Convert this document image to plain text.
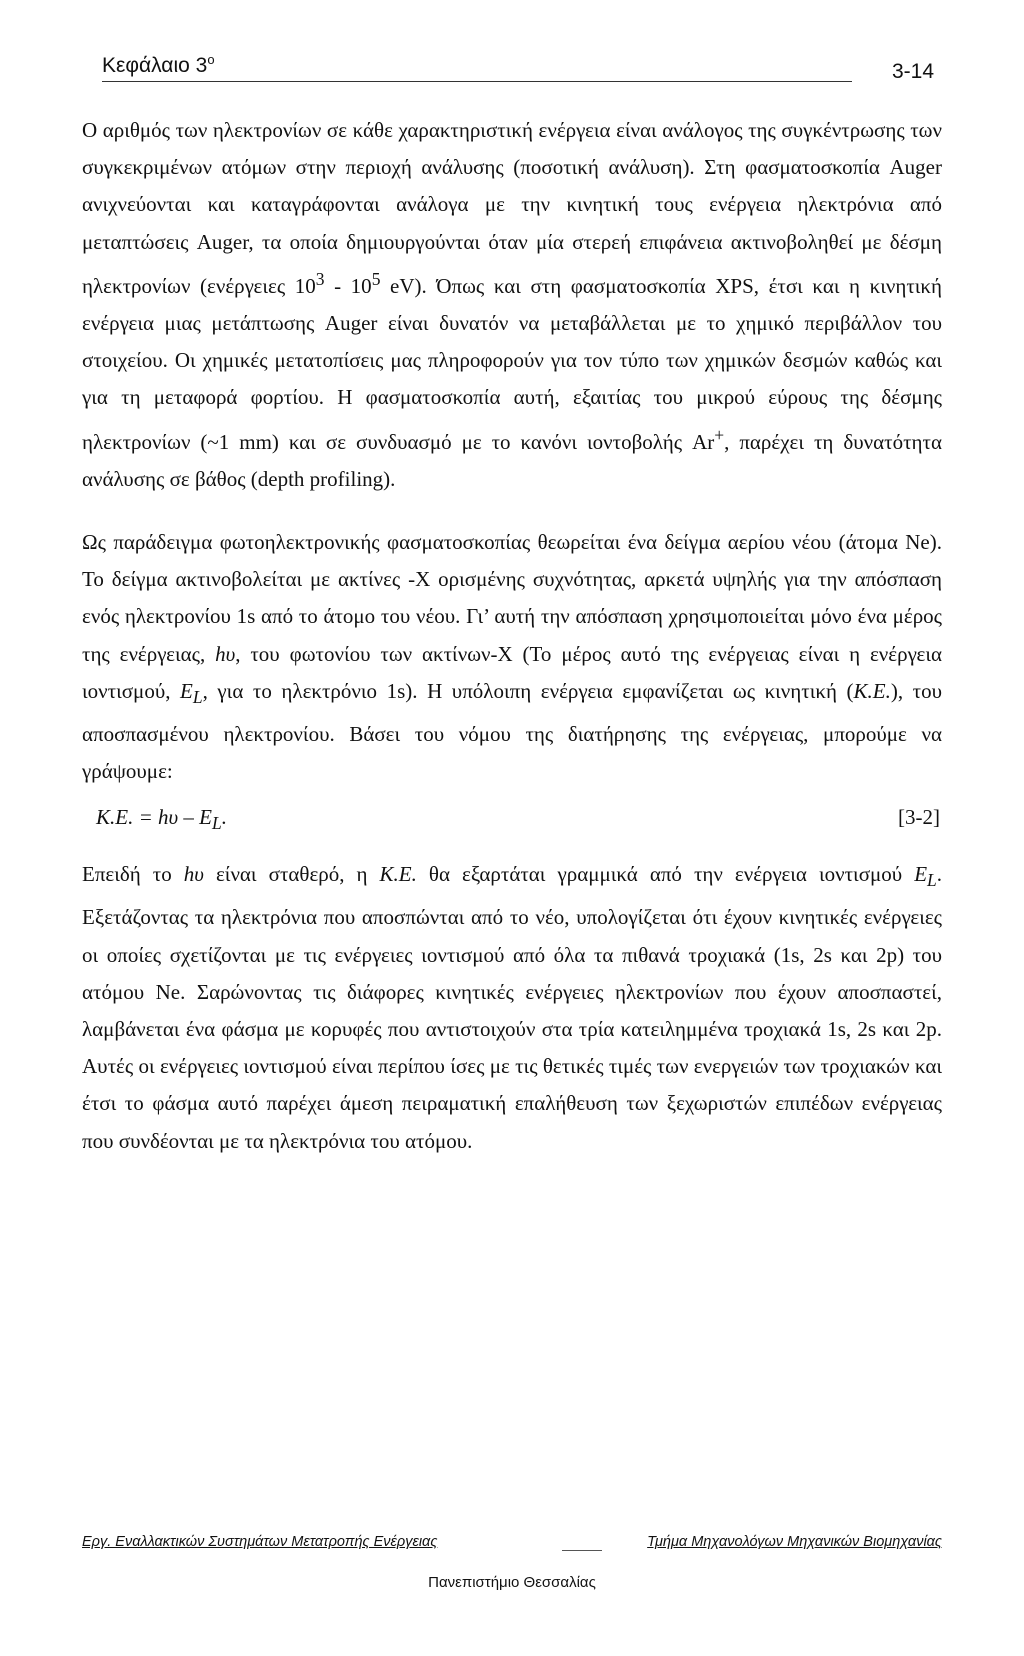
Κεφάλαιο $3^o$
3-14

Ο αριθμός των ηλεκτρονίων σε κάθε χαρακτηριστική ενέργεια είναι ανάλογος της συγκέντρωσης των συγκεκριμένων ατόμων στην περιοχή ανάλυσης (ποσοτική ανάλυση). Στη φασματοσκοπία Auger ανιχνεύονται και καταγράφονται ανάλογα με την κινητική τους ενέργεια ηλεκτρόνια από μεταπτώσεις Auger, τα οποία δημιουργούνται όταν μία στερεή επιφάνεια ακτινοβοληθεί με δέσμη ηλεκτρονίων (ενέργειες $10^3 - 10^5$ eV). Όπως και στη φασματοσκοπία XPS, έτσι και η κινητική ενέργεια μιας μετάπτωσης Auger είναι δυνατόν να μεταβάλλεται με το χημικό περιβάλλον του στοιχείου. Οι χημικές μετατοπίσεις μας πληροφορούν για τον τύπο των χημικών δεσμών καθώς και για τη μεταφορά φορτίου. Η φασματοσκοπία αυτή, εξαιτίας του μικρού εύρους της δέσμης ηλεκτρονίων (~1 mm) και σε συνδυασμό με το κανόνι ιοντοβολής Ar+, παρέχει τη δυνατότητα ανάλυσης σε βάθος (depth profiling).

Ως παράδειγμα φωτοηλεκτρονικής φασματοσκοπίας θεωρείται ένα δείγμα αερίου νέου (άτομα Ne). Το δείγμα ακτινοβολείται με ακτίνες -Χ ορισμένης συχνότητας, αρκετά υψηλής για την απόσπαση ενός ηλεκτρονίου 1s από το άτομο του νέου. Γι’ αυτή την απόσπαση χρησιμοποιείται μόνο ένα μέρος της ενέργειας, hυ, του φωτονίου των ακτίνων-Χ (Το μέρος αυτό της ενέργειας είναι η ενέργεια ιοντισμού, $E_L$, για το ηλεκτρόνιο 1s). Η υπόλοιπη ενέργεια εμφανίζεται ως κινητική (K.E.), του αποσπασμένου ηλεκτρονίου. Βάσει του νόμου της διατήρησης της ενέργειας, μπορούμε να γράψουμε:

K.E. = hυ – $E_L$.	[3-2]

Επειδή το hυ είναι σταθερό, η K.E. θα εξαρτάται γραμμικά από την ενέργεια ιοντισμού $E_L$. Εξετάζοντας τα ηλεκτρόνια που αποσπώνται από το νέο, υπολογίζεται ότι έχουν κινητικές ενέργειες οι οποίες σχετίζονται με τις ενέργειες ιοντισμού από όλα τα πιθανά τροχιακά (1s, 2s και 2p) του ατόμου Ne. Σαρώνοντας τις διάφορες κινητικές ενέργειες ηλεκτρονίων που έχουν αποσπαστεί, λαμβάνεται ένα φάσμα με κορυφές που αντιστοιχούν στα τρία κατειλημμένα τροχιακά 1s, 2s και 2p. Αυτές οι ενέργειες ιοντισμού είναι περίπου ίσες με τις θετικές τιμές των ενεργειών των τροχιακών και έτσι το φάσμα αυτό παρέχει άμεση πειραματική επαλήθευση των ξεχωριστών επιπέδων ενέργειας που συνδέονται με τα ηλεκτρόνια του ατόμου.

Εργ. Εναλλακτικών Συστημάτων Μετατροπής Ενέργειας	Τμήμα Μηχανολόγων Μηχανικών Βιομηχανίας
Πανεπιστήμιο Θεσσαλίας
